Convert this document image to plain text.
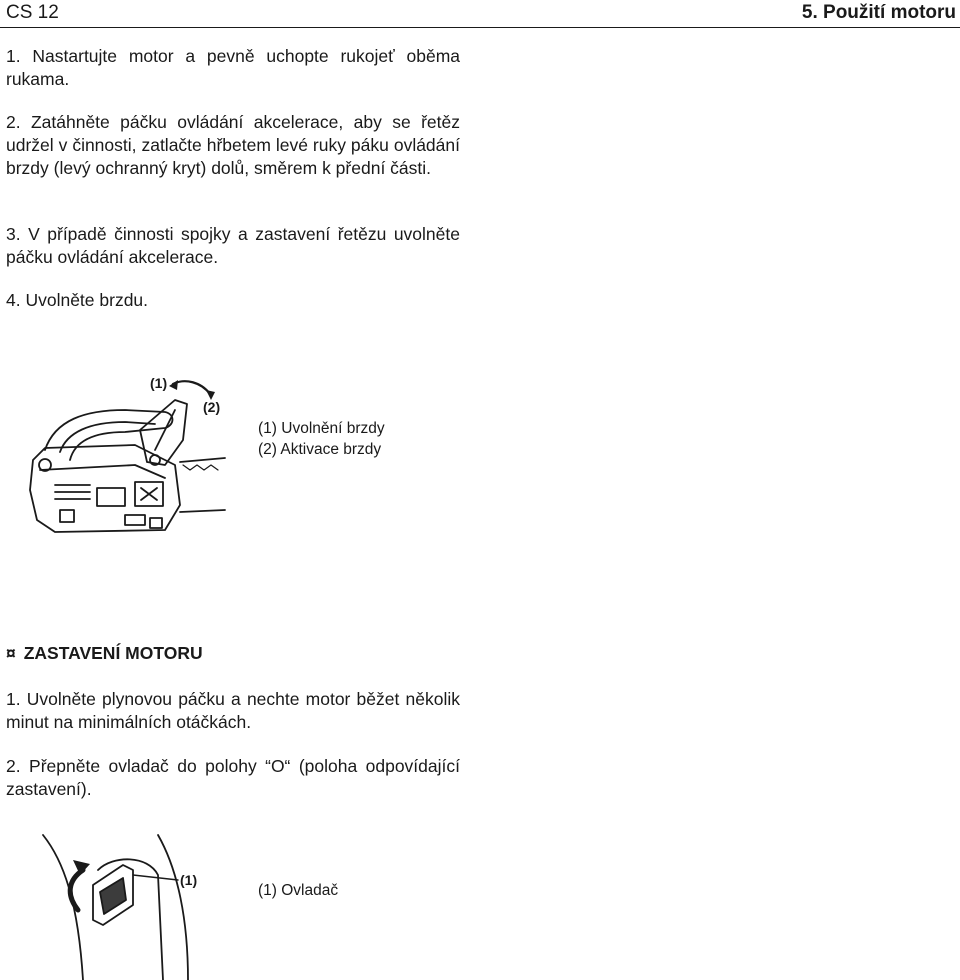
CS 12	5. Použití motoru

1. Nastartujte motor a pevně uchopte rukojeť oběma rukama.

2. Zatáhněte páčku ovládání akcelerace, aby se řetěz udržel v činnosti, zatlačte hřbetem levé ruky páku ovládání brzdy (levý ochranný kryt) dolů, směrem k přední části.

3. V případě činnosti spojky a zastavení řetězu uvolněte páčku ovládání akcelerace.

4. Uvolněte brzdu.

(1)
(2)

(1) Uvolnění brzdy

(2) Aktivace brzdy

¤ ZASTAVENÍ MOTORU

1. Uvolněte plynovou páčku a nechte motor běžet několik minut na minimálních otáčkách.

2. Přepněte ovladač do polohy “O“ (poloha odpovídající zastavení).

(1)

(1) Ovladač
